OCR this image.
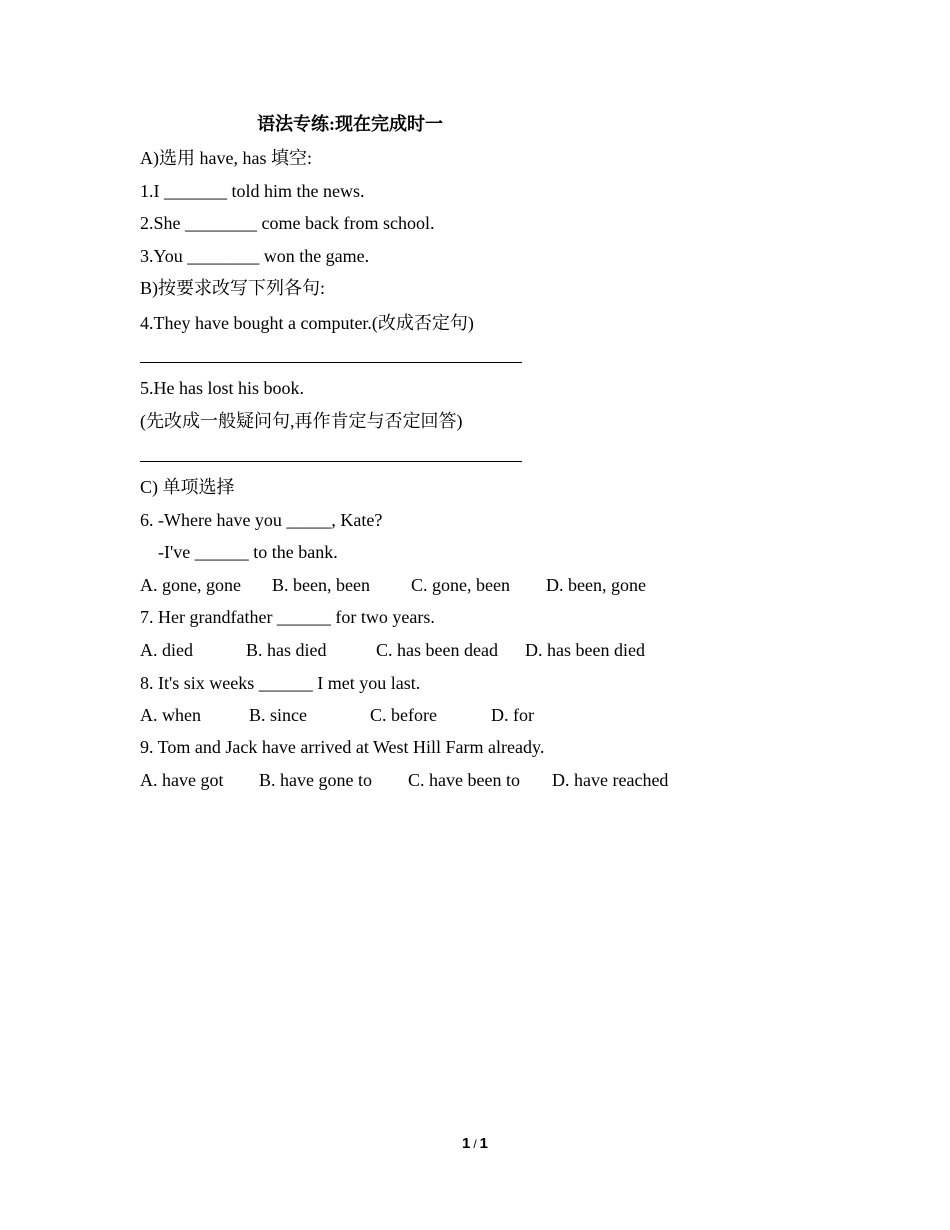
语法专练:现在完成时一
A)选用 have, has 填空:
1.I _______ told him the news.
2.She ________ come back from school.
3.You ________ won the game.
B)按要求改写下列各句:
4.They have bought a computer.(改成否定句)
5.He has lost his book.
(先改成一般疑问句,再作肯定与否定回答)
C) 单项选择
6. -Where have you _____, Kate?
-I've ______ to the bank.
A. gone, gone B. been, been C. gone, been D. been, gone
7. Her grandfather ______ for two years.
A. died	B. has died	C. has been dead D. has been died
8. It's six weeks ______ I met you last.
A. when	B. since	C. before	D. for
9. Tom and Jack have arrived at West Hill Farm already.
A. have got B. have gone to C. have been to D. have reached
1 / 1
